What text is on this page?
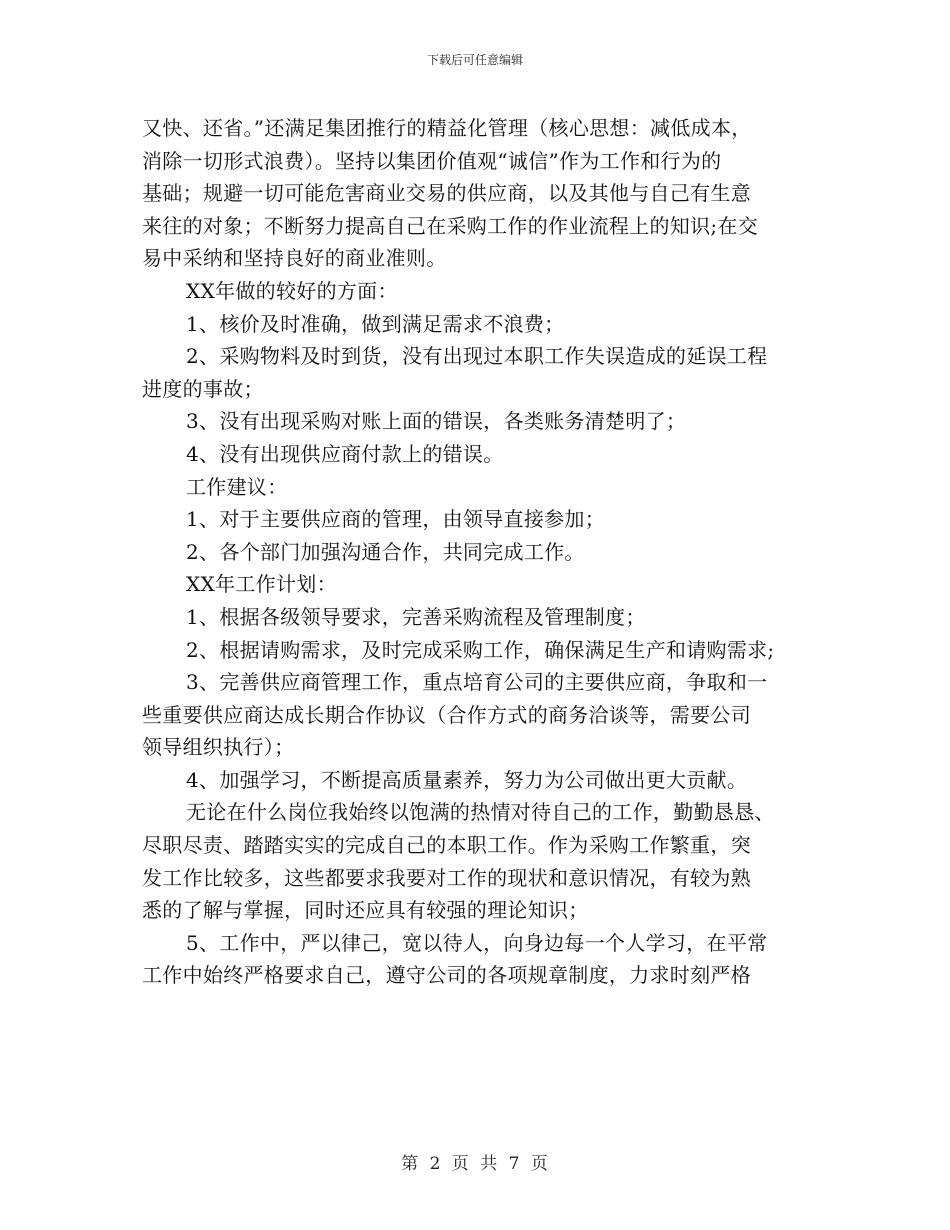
下载后可任意编辑
又快、还省。”还满足集团推行的精益化管理（核心思想：减低成本，
消除一切形式浪费）。坚持以集团价值观“诚信”作为工作和行为的
基础；规避一切可能危害商业交易的供应商，以及其他与自己有生意
来往的对象；不断努力提高自己在采购工作的作业流程上的知识;在交
易中采纳和坚持良好的商业准则。
XX年做的较好的方面：
1、核价及时准确，做到满足需求不浪费；
2、采购物料及时到货，没有出现过本职工作失误造成的延误工程
进度的事故；
3、没有出现采购对账上面的错误，各类账务清楚明了；
4、没有出现供应商付款上的错误。
工作建议：
1、对于主要供应商的管理，由领导直接参加；
2、各个部门加强沟通合作，共同完成工作。
XX年工作计划：
1、根据各级领导要求，完善采购流程及管理制度；
2、根据请购需求，及时完成采购工作，确保满足生产和请购需求;
3、完善供应商管理工作，重点培育公司的主要供应商，争取和一
些重要供应商达成长期合作协议（合作方式的商务洽谈等，需要公司
领导组织执行）；
4、加强学习，不断提高质量素养，努力为公司做出更大贡献。
无论在什么岗位我始终以饱满的热情对待自己的工作，勤勤恳恳、
尽职尽责、踏踏实实的完成自己的本职工作。作为采购工作繁重，突
发工作比较多，这些都要求我要对工作的现状和意识情况，有较为熟
悉的了解与掌握，同时还应具有较强的理论知识；
5、工作中，严以律己，宽以待人，向身边每一个人学习，在平常
工作中始终严格要求自己，遵守公司的各项规章制度，力求时刻严格
第 2 页 共 7 页
